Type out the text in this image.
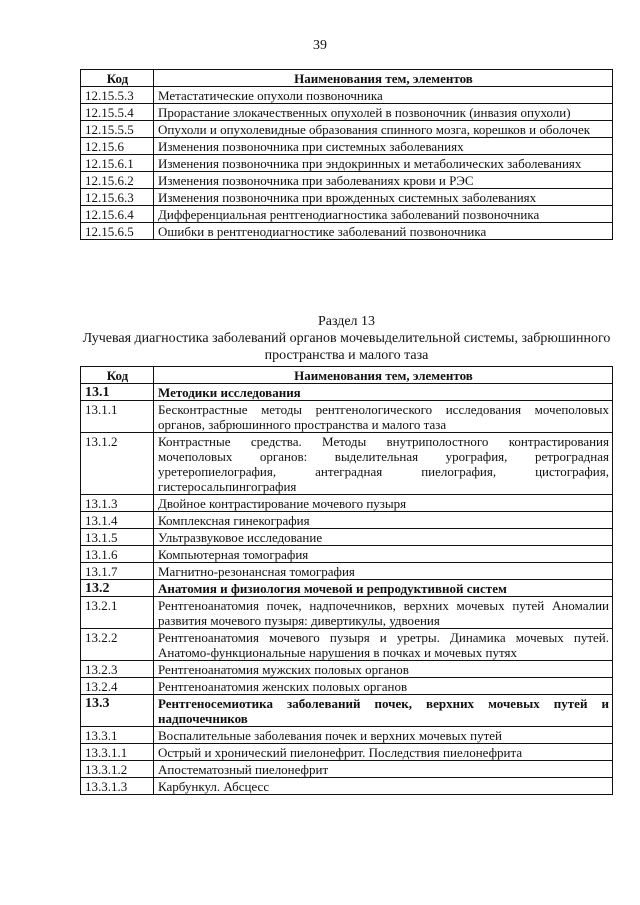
39
Код	Наименования тем, элементов
12.15.5.3	Метастатические опухоли позвоночника
12.15.5.4	Прорастание злокачественных опухолей в позвоночник (инвазия опухоли)
12.15.5.5	Опухоли и опухолевидные образования спинного мозга, корешков и оболочек
12.15.6	Изменения позвоночника при системных заболеваниях
12.15.6.1	Изменения позвоночника при эндокринных и метаболических заболеваниях
12.15.6.2	Изменения позвоночника при заболеваниях крови и РЭС
12.15.6.3	Изменения позвоночника при врожденных системных заболеваниях
12.15.6.4	Дифференциальная рентгенодиагностика заболеваний позвоночника
12.15.6.5	Ошибки в рентгенодиагностике заболеваний позвоночника
Раздел 13
Лучевая диагностика заболеваний органов мочевыделительной системы, забрюшинного пространства и малого таза
Код	Наименования тем, элементов
13.1	Методики исследования
13.1.1	Бесконтрастные методы рентгенологического исследования мочеполовых органов, забрюшинного пространства и малого таза
13.1.2	Контрастные средства. Методы внутриполостного контрастирования мочеполовых органов: выделительная урография, ретроградная уретеропиелография, антеградная пиелография, цистография, гистеросальпингография
13.1.3	Двойное контрастирование мочевого пузыря
13.1.4	Комплексная гинекография
13.1.5	Ультразвуковое исследование
13.1.6	Компьютерная томография
13.1.7	Магнитно-резонансная томография
13.2	Анатомия и физиология мочевой и репродуктивной систем
13.2.1	Рентгеноанатомия почек, надпочечников, верхних мочевых путей Аномалии развития мочевого пузыря: дивертикулы, удвоения
13.2.2	Рентгеноанатомия мочевого пузыря и уретры. Динамика мочевых путей. Анатомо-функциональные нарушения в почках и мочевых путях
13.2.3	Рентгеноанатомия мужских половых органов
13.2.4	Рентгеноанатомия женских половых органов
13.3	Рентгеносемиотика заболеваний почек, верхних мочевых путей и надпочечников
13.3.1	Воспалительные заболевания почек и верхних мочевых путей
13.3.1.1	Острый и хронический пиелонефрит. Последствия пиелонефрита
13.3.1.2	Апостематозный пиелонефрит
13.3.1.3	Карбункул. Абсцесс
